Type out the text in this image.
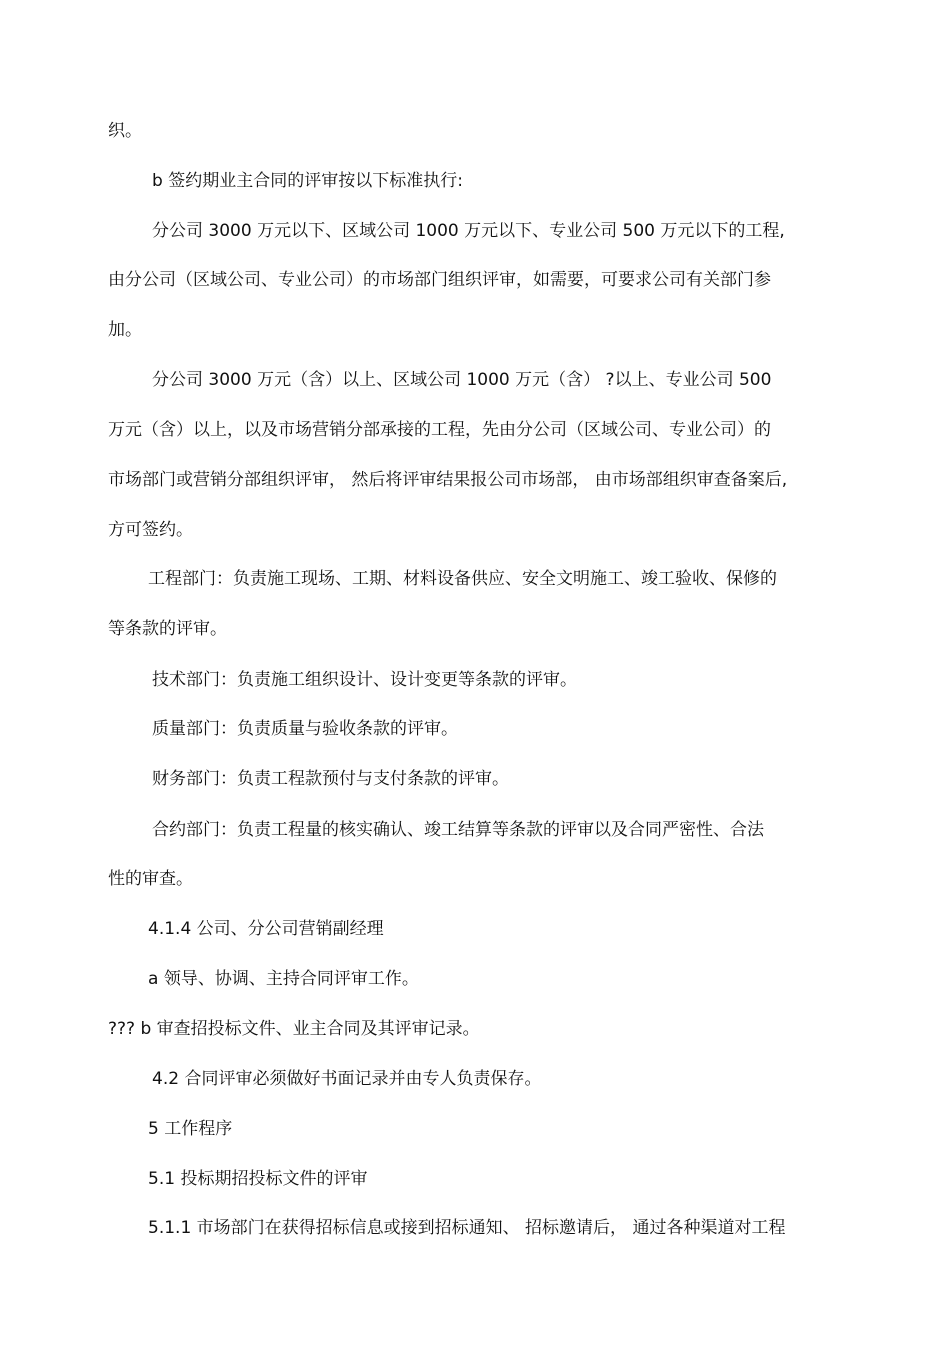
织。
b 签约期业主合同的评审按以下标准执行:
分公司 3000 万元以下、区域公司 1000 万元以下、专业公司 500 万元以下的工程,
由分公司（区域公司、专业公司）的市场部门组织评审，如需要，可要求公司有关部门参
加。
分公司 3000 万元（含）以上、区域公司 1000 万元（含） ?以上、专业公司 500
万元（含）以上，以及市场营销分部承接的工程，先由分公司（区域公司、专业公司）的
市场部门或营销分部组织评审， 然后将评审结果报公司市场部， 由市场部组织审查备案后,
方可签约。
工程部门：负责施工现场、工期、材料设备供应、安全文明施工、竣工验收、保修的
等条款的评审。
技术部门：负责施工组织设计、设计变更等条款的评审。
质量部门：负责质量与验收条款的评审。
财务部门：负责工程款预付与支付条款的评审。
合约部门：负责工程量的核实确认、竣工结算等条款的评审以及合同严密性、合法
性的审查。
4.1.4 公司、分公司营销副经理
a 领导、协调、主持合同评审工作。
??? b 审查招投标文件、业主合同及其评审记录。
4.2 合同评审必须做好书面记录并由专人负责保存。
5 工作程序
5.1 投标期招投标文件的评审
5.1.1 市场部门在获得招标信息或接到招标通知、 招标邀请后， 通过各种渠道对工程
